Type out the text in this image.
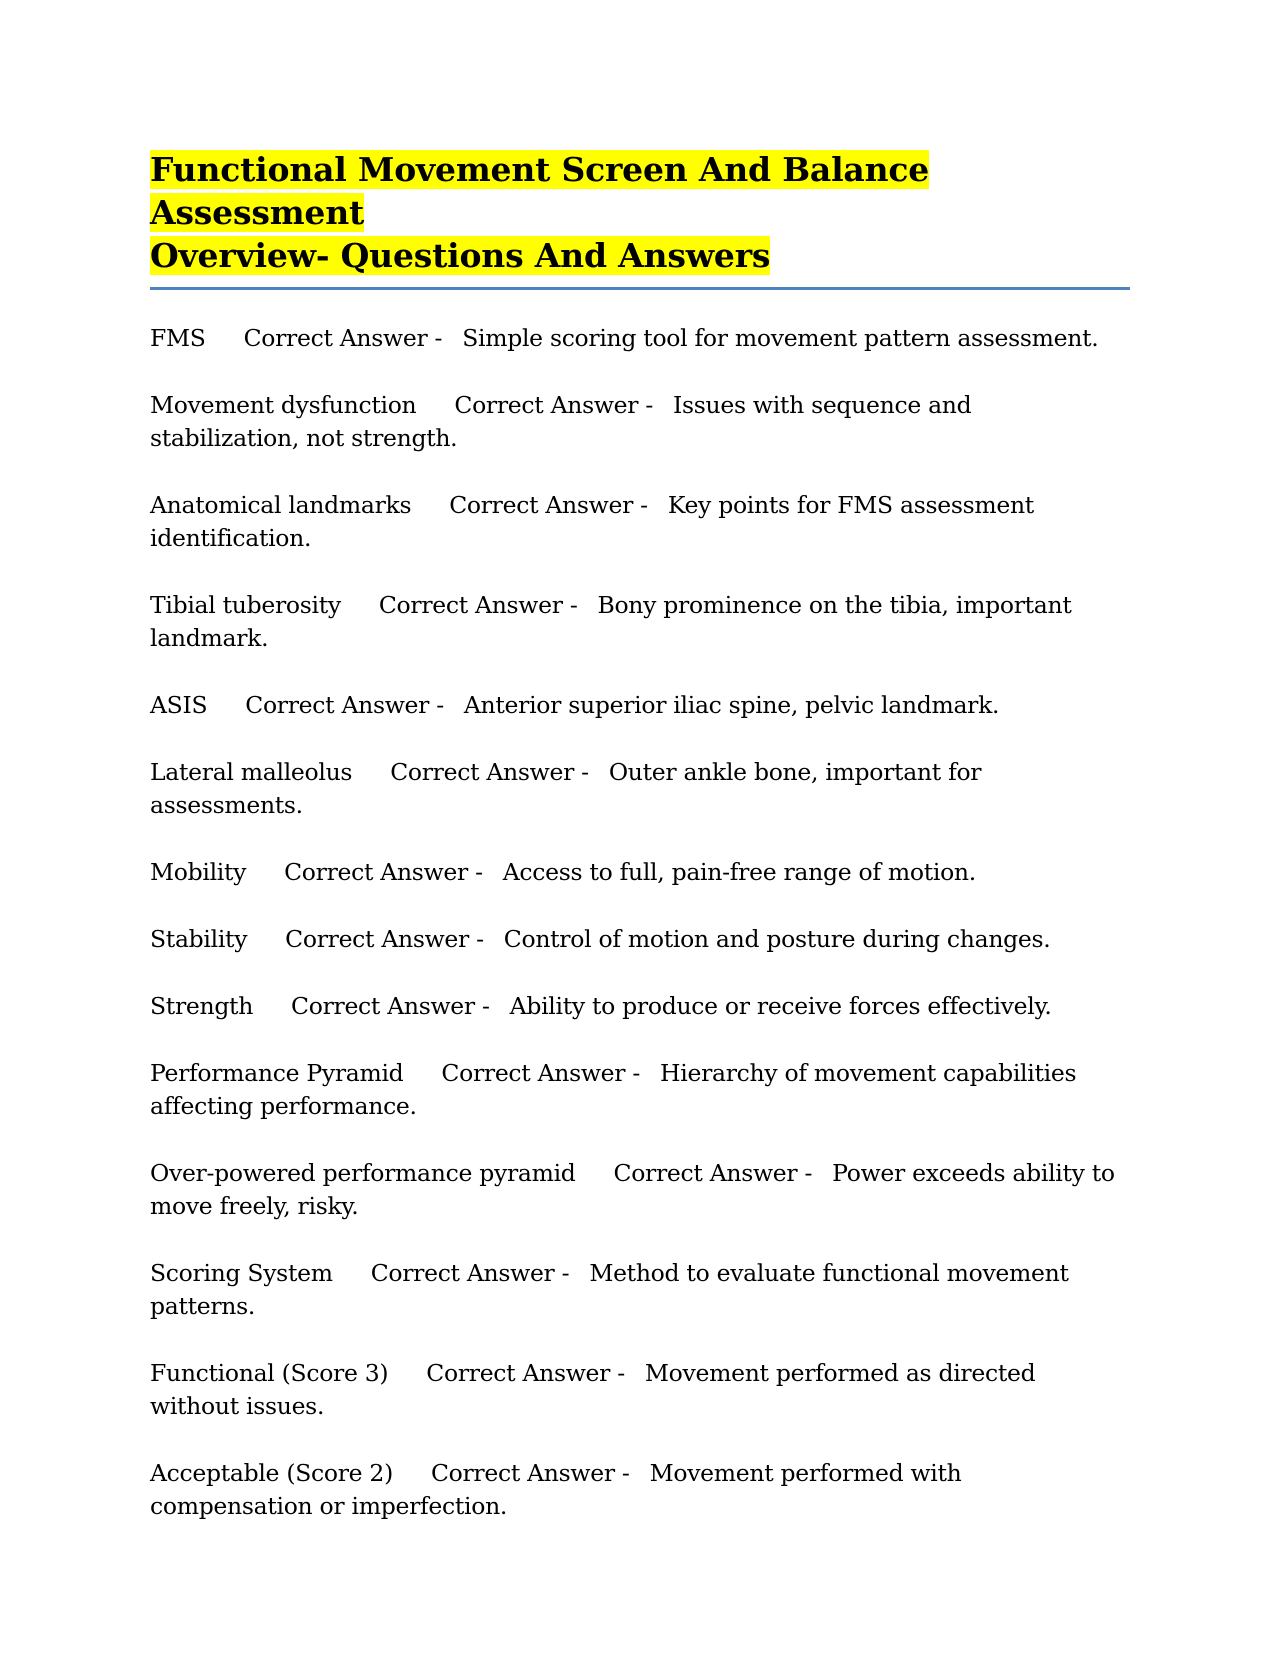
Functional Movement Screen And Balance Assessment
Overview- Questions And Answers

FMS Correct Answer - Simple scoring tool for movement pattern assessment.

Movement dysfunction Correct Answer - Issues with sequence and stabilization, not strength.

Anatomical landmarks Correct Answer - Key points for FMS assessment identification.

Tibial tuberosity Correct Answer - Bony prominence on the tibia, important landmark.

ASIS Correct Answer - Anterior superior iliac spine, pelvic landmark.

Lateral malleolus Correct Answer - Outer ankle bone, important for assessments.

Mobility Correct Answer - Access to full, pain-free range of motion.

Stability Correct Answer - Control of motion and posture during changes.

Strength Correct Answer - Ability to produce or receive forces effectively.

Performance Pyramid Correct Answer - Hierarchy of movement capabilities affecting performance.

Over-powered performance pyramid Correct Answer - Power exceeds ability to move freely, risky.

Scoring System Correct Answer - Method to evaluate functional movement patterns.

Functional (Score 3) Correct Answer - Movement performed as directed without issues.

Acceptable (Score 2) Correct Answer - Movement performed with compensation or imperfection.
